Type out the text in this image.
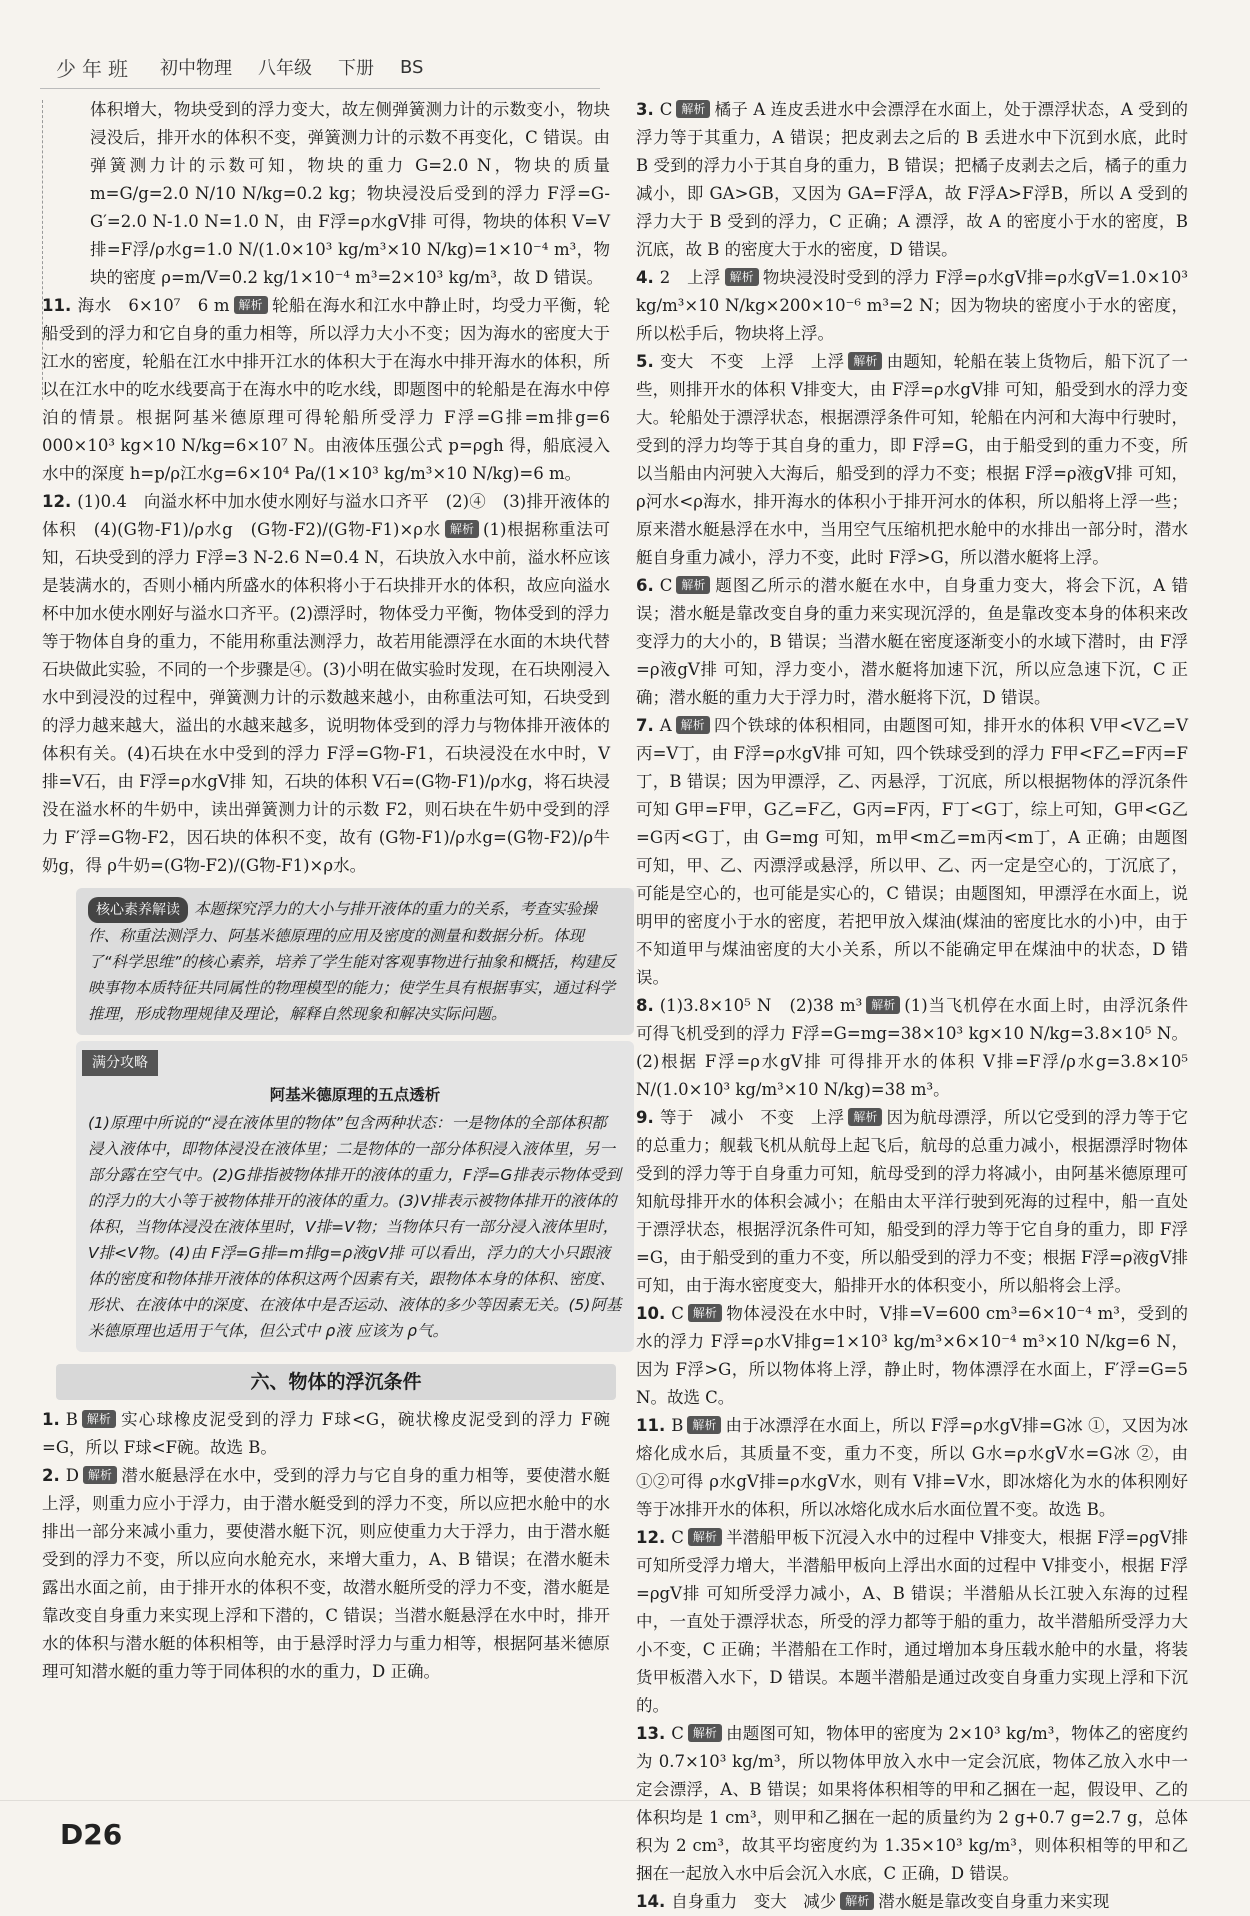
少年班 初中物理 八年级 下册 BS

体积增大，物块受到的浮力变大，故左侧弹簧测力计的示数变小，物块浸没后，排开水的体积不变，弹簧测力计的示数不再变化，C 错误。由弹簧测力计的示数可知，物块的重力 G=2.0 N，物块的质量 m=G/g=2.0 N/10 N/kg=0.2 kg；物块浸没后受到的浮力 F浮=G-G′=2.0 N-1.0 N=1.0 N，由 F浮=ρ水gV排 可得，物块的体积 V=V排=F浮/ρ水g=1.0 N/(1.0×10³ kg/m³×10 N/kg)=1×10⁻⁴ m³，物块的密度 ρ=m/V=0.2 kg/1×10⁻⁴ m³=2×10³ kg/m³，故 D 错误。

11. 海水　6×10⁷　6 m 解析 轮船在海水和江水中静止时，均受力平衡，轮船受到的浮力和它自身的重力相等，所以浮力大小不变；因为海水的密度大于江水的密度，轮船在江水中排开江水的体积大于在海水中排开海水的体积，所以在江水中的吃水线要高于在海水中的吃水线，即题图中的轮船是在海水中停泊的情景。根据阿基米德原理可得轮船所受浮力 F浮=G排=m排g=6 000×10³ kg×10 N/kg=6×10⁷ N。由液体压强公式 p=ρgh 得，船底浸入水中的深度 h=p/ρ江水g=6×10⁴ Pa/(1×10³ kg/m³×10 N/kg)=6 m。

12. (1)0.4　向溢水杯中加水使水刚好与溢水口齐平　(2)④　(3)排开液体的体积　(4)(G物-F1)/ρ水g　(G物-F2)/(G物-F1)×ρ水 解析 (1)根据称重法可知，石块受到的浮力 F浮=3 N-2.6 N=0.4 N，石块放入水中前，溢水杯应该是装满水的，否则小桶内所盛水的体积将小于石块排开水的体积，故应向溢水杯中加水使水刚好与溢水口齐平。(2)漂浮时，物体受力平衡，物体受到的浮力等于物体自身的重力，不能用称重法测浮力，故若用能漂浮在水面的木块代替石块做此实验，不同的一个步骤是④。(3)小明在做实验时发现，在石块刚浸入水中到浸没的过程中，弹簧测力计的示数越来越小，由称重法可知，石块受到的浮力越来越大，溢出的水越来越多，说明物体受到的浮力与物体排开液体的体积有关。(4)石块在水中受到的浮力 F浮=G物-F1，石块浸没在水中时，V排=V石，由 F浮=ρ水gV排 知，石块的体积 V石=(G物-F1)/ρ水g，将石块浸没在溢水杯的牛奶中，读出弹簧测力计的示数 F2，则石块在牛奶中受到的浮力 F′浮=G物-F2，因石块的体积不变，故有 (G物-F1)/ρ水g=(G物-F2)/ρ牛奶g，得 ρ牛奶=(G物-F2)/(G物-F1)×ρ水。

核心素养解读 本题探究浮力的大小与排开液体的重力的关系，考查实验操作、称重法测浮力、阿基米德原理的应用及密度的测量和数据分析。体现了“科学思维”的核心素养，培养了学生能对客观事物进行抽象和概括，构建反映事物本质特征共同属性的物理模型的能力；使学生具有根据事实，通过科学推理，形成物理规律及理论，解释自然现象和解决实际问题。
满分攻略
阿基米德原理的五点透析
(1)原理中所说的“浸在液体里的物体”包含两种状态：一是物体的全部体积都浸入液体中，即物体浸没在液体里；二是物体的一部分体积浸入液体里，另一部分露在空气中。(2)G排指被物体排开的液体的重力，F浮=G排表示物体受到的浮力的大小等于被物体排开的液体的重力。(3)V排表示被物体排开的液体的体积，当物体浸没在液体里时，V排=V物；当物体只有一部分浸入液体里时，V排<V物。(4)由 F浮=G排=m排g=ρ液gV排 可以看出，浮力的大小只跟液体的密度和物体排开液体的体积这两个因素有关，跟物体本身的体积、密度、形状、在液体中的深度、在液体中是否运动、液体的多少等因素无关。(5)阿基米德原理也适用于气体，但公式中 ρ液 应该为 ρ气。
六、物体的浮沉条件

1. B 解析 实心球橡皮泥受到的浮力 F球<G，碗状橡皮泥受到的浮力 F碗=G，所以 F球<F碗。故选 B。

2. D 解析 潜水艇悬浮在水中，受到的浮力与它自身的重力相等，要使潜水艇上浮，则重力应小于浮力，由于潜水艇受到的浮力不变，所以应把水舱中的水排出一部分来减小重力，要使潜水艇下沉，则应使重力大于浮力，由于潜水艇受到的浮力不变，所以应向水舱充水，来增大重力，A、B 错误；在潜水艇未露出水面之前，由于排开水的体积不变，故潜水艇所受的浮力不变，潜水艇是靠改变自身重力来实现上浮和下潜的，C 错误；当潜水艇悬浮在水中时，排开水的体积与潜水艇的体积相等，由于悬浮时浮力与重力相等，根据阿基米德原理可知潜水艇的重力等于同体积的水的重力，D 正确。

3. C 解析 橘子 A 连皮丢进水中会漂浮在水面上，处于漂浮状态，A 受到的浮力等于其重力，A 错误；把皮剥去之后的 B 丢进水中下沉到水底，此时 B 受到的浮力小于其自身的重力，B 错误；把橘子皮剥去之后，橘子的重力减小，即 GA>GB，又因为 GA=F浮A，故 F浮A>F浮B，所以 A 受到的浮力大于 B 受到的浮力，C 正确；A 漂浮，故 A 的密度小于水的密度，B 沉底，故 B 的密度大于水的密度，D 错误。

4. 2　上浮 解析 物块浸没时受到的浮力 F浮=ρ水gV排=ρ水gV=1.0×10³ kg/m³×10 N/kg×200×10⁻⁶ m³=2 N；因为物块的密度小于水的密度，所以松手后，物块将上浮。

5. 变大　不变　上浮　上浮 解析 由题知，轮船在装上货物后，船下沉了一些，则排开水的体积 V排变大，由 F浮=ρ水gV排 可知，船受到水的浮力变大。轮船处于漂浮状态，根据漂浮条件可知，轮船在内河和大海中行驶时，受到的浮力均等于其自身的重力，即 F浮=G，由于船受到的重力不变，所以当船由内河驶入大海后，船受到的浮力不变；根据 F浮=ρ液gV排 可知，ρ河水<ρ海水，排开海水的体积小于排开河水的体积，所以船将上浮一些；原来潜水艇悬浮在水中，当用空气压缩机把水舱中的水排出一部分时，潜水艇自身重力减小，浮力不变，此时 F浮>G，所以潜水艇将上浮。

6. C 解析 题图乙所示的潜水艇在水中，自身重力变大，将会下沉，A 错误；潜水艇是靠改变自身的重力来实现沉浮的，鱼是靠改变本身的体积来改变浮力的大小的，B 错误；当潜水艇在密度逐渐变小的水域下潜时，由 F浮=ρ液gV排 可知，浮力变小，潜水艇将加速下沉，所以应急速下沉，C 正确；潜水艇的重力大于浮力时，潜水艇将下沉，D 错误。

7. A 解析 四个铁球的体积相同，由题图可知，排开水的体积 V甲<V乙=V丙=V丁，由 F浮=ρ水gV排 可知，四个铁球受到的浮力 F甲<F乙=F丙=F丁，B 错误；因为甲漂浮，乙、丙悬浮，丁沉底，所以根据物体的浮沉条件可知 G甲=F甲，G乙=F乙，G丙=F丙，F丁<G丁，综上可知，G甲<G乙=G丙<G丁，由 G=mg 可知，m甲<m乙=m丙<m丁，A 正确；由题图可知，甲、乙、丙漂浮或悬浮，所以甲、乙、丙一定是空心的，丁沉底了，可能是空心的，也可能是实心的，C 错误；由题图知，甲漂浮在水面上，说明甲的密度小于水的密度，若把甲放入煤油(煤油的密度比水的小)中，由于不知道甲与煤油密度的大小关系，所以不能确定甲在煤油中的状态，D 错误。

8. (1)3.8×10⁵ N　(2)38 m³ 解析 (1)当飞机停在水面上时，由浮沉条件可得飞机受到的浮力 F浮=G=mg=38×10³ kg×10 N/kg=3.8×10⁵ N。(2)根据 F浮=ρ水gV排 可得排开水的体积 V排=F浮/ρ水g=3.8×10⁵ N/(1.0×10³ kg/m³×10 N/kg)=38 m³。

9. 等于　减小　不变　上浮 解析 因为航母漂浮，所以它受到的浮力等于它的总重力；舰载飞机从航母上起飞后，航母的总重力减小，根据漂浮时物体受到的浮力等于自身重力可知，航母受到的浮力将减小，由阿基米德原理可知航母排开水的体积会减小；在船由太平洋行驶到死海的过程中，船一直处于漂浮状态，根据浮沉条件可知，船受到的浮力等于它自身的重力，即 F浮=G，由于船受到的重力不变，所以船受到的浮力不变；根据 F浮=ρ液gV排 可知，由于海水密度变大，船排开水的体积变小，所以船将会上浮。

10. C 解析 物体浸没在水中时，V排=V=600 cm³=6×10⁻⁴ m³，受到的水的浮力 F浮=ρ水V排g=1×10³ kg/m³×6×10⁻⁴ m³×10 N/kg=6 N，因为 F浮>G，所以物体将上浮，静止时，物体漂浮在水面上，F′浮=G=5 N。故选 C。

11. B 解析 由于冰漂浮在水面上，所以 F浮=ρ水gV排=G冰 ①，又因为冰熔化成水后，其质量不变，重力不变，所以 G水=ρ水gV水=G冰 ②，由①②可得 ρ水gV排=ρ水gV水，则有 V排=V水，即冰熔化为水的体积刚好等于冰排开水的体积，所以冰熔化成水后水面位置不变。故选 B。

12. C 解析 半潜船甲板下沉浸入水中的过程中 V排变大，根据 F浮=ρgV排 可知所受浮力增大，半潜船甲板向上浮出水面的过程中 V排变小，根据 F浮=ρgV排 可知所受浮力减小，A、B 错误；半潜船从长江驶入东海的过程中，一直处于漂浮状态，所受的浮力都等于船的重力，故半潜船所受浮力大小不变，C 正确；半潜船在工作时，通过增加本身压载水舱中的水量，将装货甲板潜入水下，D 错误。本题半潜船是通过改变自身重力实现上浮和下沉的。

13. C 解析 由题图可知，物体甲的密度为 2×10³ kg/m³，物体乙的密度约为 0.7×10³ kg/m³，所以物体甲放入水中一定会沉底，物体乙放入水中一定会漂浮，A、B 错误；如果将体积相等的甲和乙捆在一起，假设甲、乙的体积均是 1 cm³，则甲和乙捆在一起的质量约为 2 g+0.7 g=2.7 g，总体积为 2 cm³，故其平均密度约为 1.35×10³ kg/m³，则体积相等的甲和乙捆在一起放入水中后会沉入水底，C 正确，D 错误。

14. 自身重力　变大　减少 解析 潜水艇是靠改变自身重力来实现

D26
